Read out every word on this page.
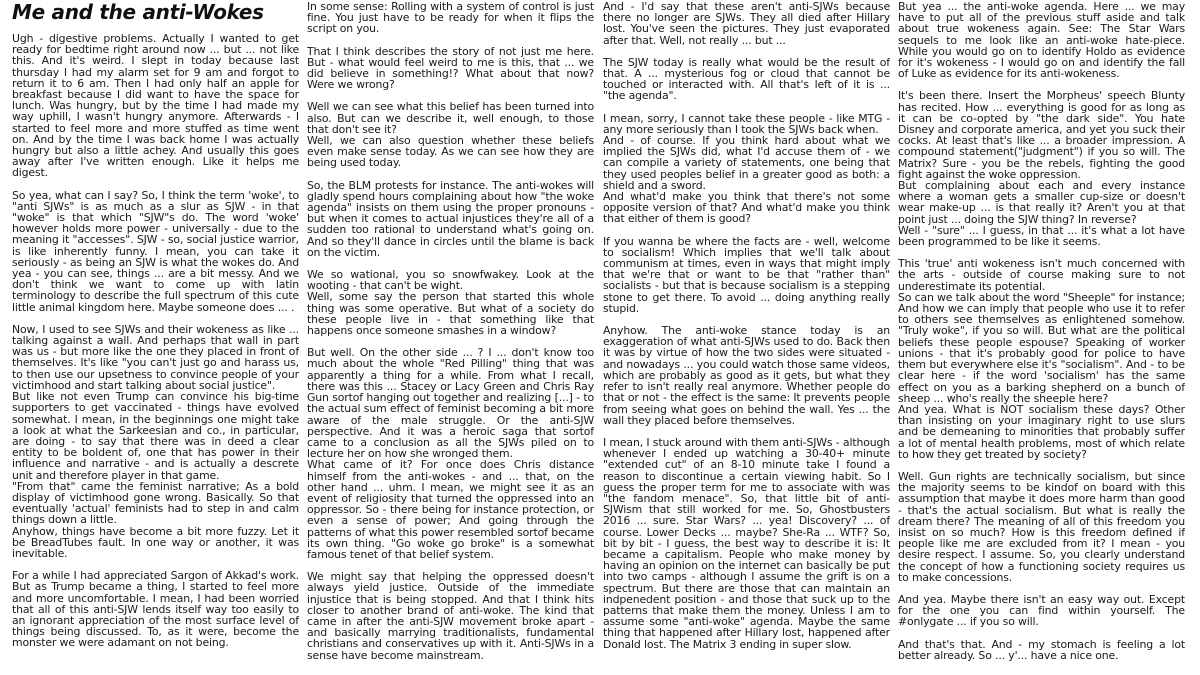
Me and the anti-Wokes

Ugh - digestive problems. Actually I wanted to get ready for bedtime right around now ... but ... not like this. And it's weird. I slept in today because last thursday I had my alarm set for 9 am and forgot to return it to 6 am. Then I had only half an apple for breakfast because I did want to have the space for lunch. Was hungry, but by the time I had made my way uphill, I wasn't hungry anymore. Afterwards - I started to feel more and more stuffed as time went on. And by the time I was back home I was actually hungry but also a little achey. And usually this goes away after I've written enough. Like it helps me digest.

So yea, what can I say? So, I think the term 'woke', to "anti SJWs" is as much as a slur as SJW - in that "woke" is that which "SJW"s do. The word 'woke' however holds more power - universally - due to the meaning it "accesses". SJW - so, social justice warrior, is like inherently funny. I mean, you can take it seriously - as being an SJW is what the wokes do. And yea - you can see, things ... are a bit messy. And we don't think we want to come up with latin terminology to describe the full spectrum of this cute little animal kingdom here. Maybe someone does ... .

Now, I used to see SJWs and their wokeness as like ... talking against a wall. And perhaps that wall in part was us - but more like the one they placed in front of themselves. It's like "you can't just go and harass us, to then use our upsetness to convince people of your victimhood and start talking about social justice".
But like not even Trump can convince his big-time supporters to get vaccinated - things have evolved somewhat. I mean, in the beginnings one might take a look at what the Sarkeesian and co., in particular, are doing - to say that there was in deed a clear entity to be boldent of, one that has power in their influence and narrative - and is actually a descrete unit and therefore player in that game.
"From that" came the feminist narrative; As a bold display of victimhood gone wrong. Basically. So that eventually 'actual' feminists had to step in and calm things down a little.
Anyhow, things have become a bit more fuzzy. Let it be BreadTubes fault. In one way or another, it was inevitable.

For a while I had appreciated Sargon of Akkad's work. But as Trump became a thing, I started to feel more and more uncomfortable. I mean, I had been worried that all of this anti-SJW lends itself way too easily to an ignorant appreciation of the most surface level of things being discussed. To, as it were, become the monster we were adamant on not being.

In some sense: Rolling with a system of control is just fine. You just have to be ready for when it flips the script on you.

That I think describes the story of not just me here. But - what would feel weird to me is this, that ... we did believe in something!? What about that now? Were we wrong?

Well we can see what this belief has been turned into also. But can we describe it, well enough, to those that don't see it?
Well, we can also question whether these beliefs even make sense today. As we can see how they are being used today.

So, the BLM protests for instance. The anti-wokes will gladly spend hours complaining about how "the woke agenda" insists on them using the proper pronouns - but when it comes to actual injustices they're all of a sudden too rational to understand what's going on. And so they'll dance in circles until the blame is back on the victim.

We so wational, you so snowfwakey. Look at the wooting - that can't be wight.
Well, some say the person that started this whole thing was some operative. But what of a society do these people live in - that something like that happens once someone smashes in a window?

But well. On the other side ... ? I ... don't know too much about the whole "Red Pilling" thing that was apparently a thing for a while. From what I recall, there was this ... Stacey or Lacy Green and Chris Ray Gun sortof hanging out together and realizing [...] - to the actual sum effect of feminist becoming a bit more aware of the male struggle. Or the anti-SJW perspective. And it was a heroic saga that sortof came to a conclusion as all the SJWs piled on to lecture her on how she wronged them.
What came of it? For once does Chris distance himself from the anti-wokes - and ... that, on the other hand ... uhm. I mean, we might see it as an event of religiosity that turned the oppressed into an oppressor. So - there being for instance protection, or even a sense of power; And going through the patterns of what this power resembled sortof became its own thing. "Go woke go broke" is a somewhat famous tenet of that belief system.

We might say that helping the oppressed doesn't always yield justice. Outside of the immediate injustice that is being stopped. And that I think hits closer to another brand of anti-woke. The kind that came in after the anti-SJW movement broke apart - and basically marrying traditionalists, fundamental christians and conservatives up with it. Anti-SJWs in a sense have become mainstream.

And - I'd say that these aren't anti-SJWs because there no longer are SJWs. They all died after Hillary lost. You've seen the pictures. They just evaporated after that. Well, not really ... but ...

The SJW today is really what would be the result of that. A ... mysterious fog or cloud that cannot be touched or interacted with. All that's left of it is ... "the agenda".

I mean, sorry, I cannot take these people - like MTG - any more seriously than I took the SJWs back when.
And - of course. If you think hard about what we implied the SJWs did, what I'd accuse them of - we can compile a variety of statements, one being that they used peoples belief in a greater good as both: a shield and a sword.
And what'd make you think that there's not some opposite version of that? And what'd make you think that either of them is good?

If you wanna be where the facts are - well, welcome to socialism! Which implies that we'll talk about communism at times, even in ways that might imply that we're that or want to be that "rather than" socialists - but that is because socialism is a stepping stone to get there. To avoid ... doing anything really stupid.

Anyhow. The anti-woke stance today is an exaggeration of what anti-SJWs used to do. Back then it was by virtue of how the two sides were situated - and nowadays ... you could watch those same videos, which are probably as good as it gets, but what they refer to isn't really real anymore. Whether people do that or not - the effect is the same: It prevents people from seeing what goes on behind the wall. Yes ... the wall they placed before themselves.

I mean, I stuck around with them anti-SJWs - although whenever I ended up watching a 30-40+ minute "extended cut" of an 8-10 minute take I found a reason to discontinue a certain viewing habit. So I guess the proper term for me to associate with was "the fandom menace". So, that little bit of anti-SJWism that still worked for me. So, Ghostbusters 2016 ... sure. Star Wars? ... yea! Discovery? ... of course. Lower Decks ... maybe? She-Ra ... WTF? So, bit by bit - I guess, the best way to describe it is: It became a capitalism. People who make money by having an opinion on the internet can basically be put into two camps - although I assume the grift is on a spectrum. But there are those that can maintain an indpenedent position - and those that suck up to the patterns that make them the money. Unless I am to assume some "anti-woke" agenda. Maybe the same thing that happened after Hillary lost, happened after Donald lost. The Matrix 3 ending in super slow.

But yea ... the anti-woke agenda. Here ... we may have to put all of the previous stuff aside and talk about true wokeness again. See: The Star Wars sequels to me look like an anti-woke hate-piece. While you would go on to identify Holdo as evidence for it's wokeness - I would go on and identify the fall of Luke as evidence for its anti-wokeness.

It's been there. Insert the Morpheus' speech Blunty has recited. How ... everything is good for as long as it can be co-opted by "the dark side". You hate Disney and corporate america, and yet you suck their cocks. At least that's like ... a broader impression. A compound statement("judgment") if you so will. The Matrix? Sure - you be the rebels, fighting the good fight against the woke oppression.
But complaining about each and every instance where a woman gets a smaller cup-size or doesn't wear make-up ... is that really it? Aren't you at that point just ... doing the SJW thing? In reverse?
Well - "sure" ... I guess, in that ... it's what a lot have been programmed to be like it seems.

This 'true' anti wokeness isn't much concerned with the arts - outside of course making sure to not underestimate its potential.
So can we talk about the word "Sheeple" for instance; And how we can imply that people who use it to refer to others see themselves as enlightened somehow. "Truly woke", if you so will. But what are the political beliefs these people espouse? Speaking of worker unions - that it's probably good for police to have them but everywhere else it's "socialism". And - to be clear here - if the word 'socialism' has the same effect on you as a barking shepherd on a bunch of sheep ... who's really the sheeple here?
And yea. What is NOT socialism these days? Other than insisting on your imaginary right to use slurs and be demeaning to minorities that probably suffer a lot of mental health problems, most of which relate to how they get treated by society?

Well. Gun rights are technically socialism, but since the majority seems to be kindof on board with this assumption that maybe it does more harm than good - that's the actual socialism. But what is really the dream there? The meaning of all of this freedom you insist on so much? How is this freedom defined if people like me are excluded from it? I mean - you desire respect. I assume. So, you clearly understand the concept of how a functioning society requires us to make concessions.

And yea. Maybe there isn't an easy way out. Except for the one you can find within yourself. The #onlygate ... if you so will.

And that's that. And - my stomach is feeling a lot better already. So ... y'... have a nice one.
